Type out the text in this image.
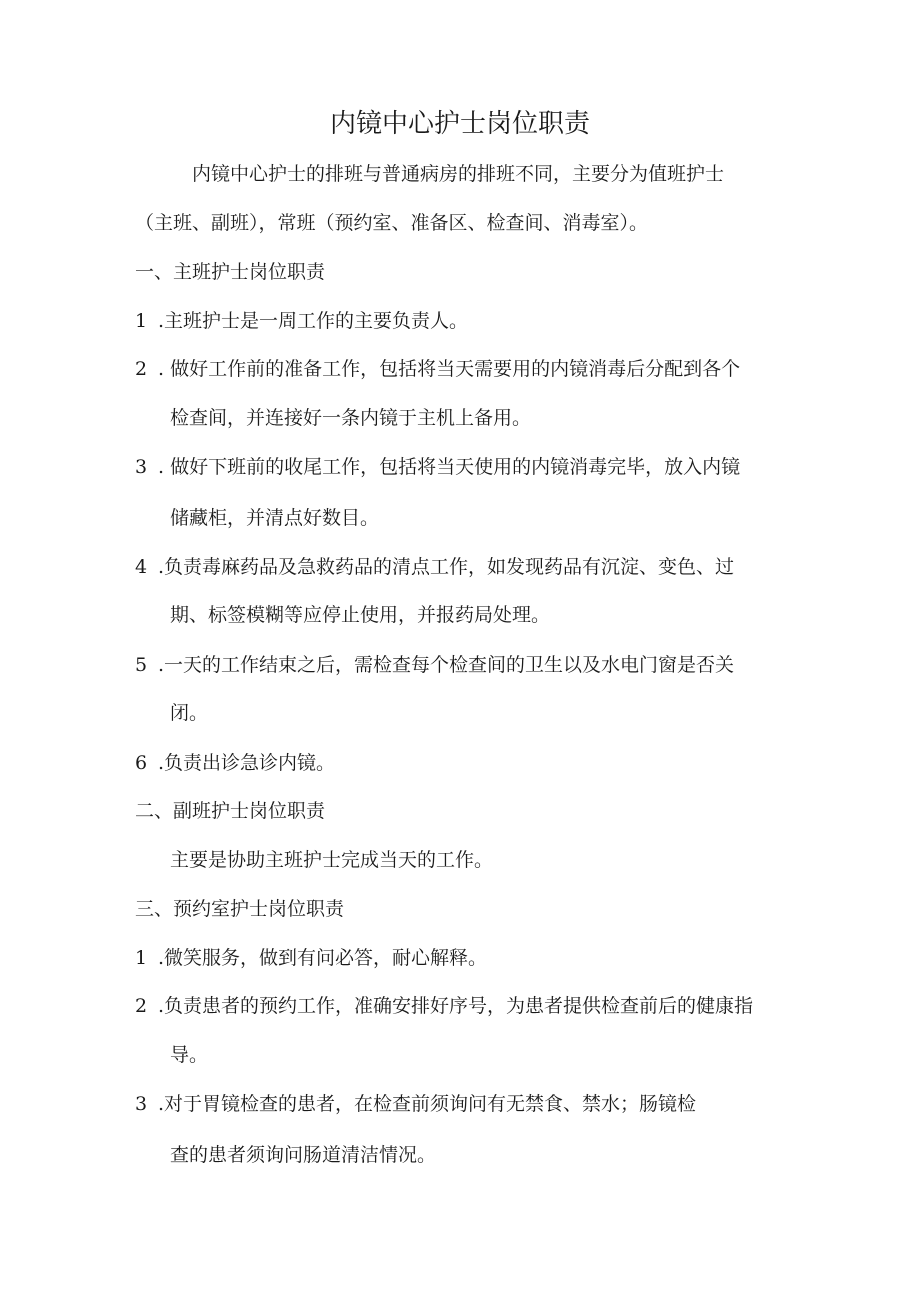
内镜中心护士岗位职责
内镜中心护士的排班与普通病房的排班不同，主要分为值班护士
（主班、副班），常班（预约室、准备区、检查间、消毒室）。
一、主班护士岗位职责
1 .主班护士是一周工作的主要负责人。
2 . 做好工作前的准备工作，包括将当天需要用的内镜消毒后分配到各个
检查间，并连接好一条内镜于主机上备用。
3 . 做好下班前的收尾工作，包括将当天使用的内镜消毒完毕，放入内镜
储藏柜，并清点好数目。
4 .负责毒麻药品及急救药品的清点工作，如发现药品有沉淀、变色、过
期、标签模糊等应停止使用，并报药局处理。
5 .一天的工作结束之后，需检查每个检查间的卫生以及水电门窗是否关
闭。
6 .负责出诊急诊内镜。
二、副班护士岗位职责
主要是协助主班护士完成当天的工作。
三、预约室护士岗位职责
1 .微笑服务，做到有问必答，耐心解释。
2 .负责患者的预约工作，准确安排好序号，为患者提供检查前后的健康指
导。
3 .对于胃镜检查的患者，在检查前须询问有无禁食、禁水；肠镜检
查的患者须询问肠道清洁情况。
